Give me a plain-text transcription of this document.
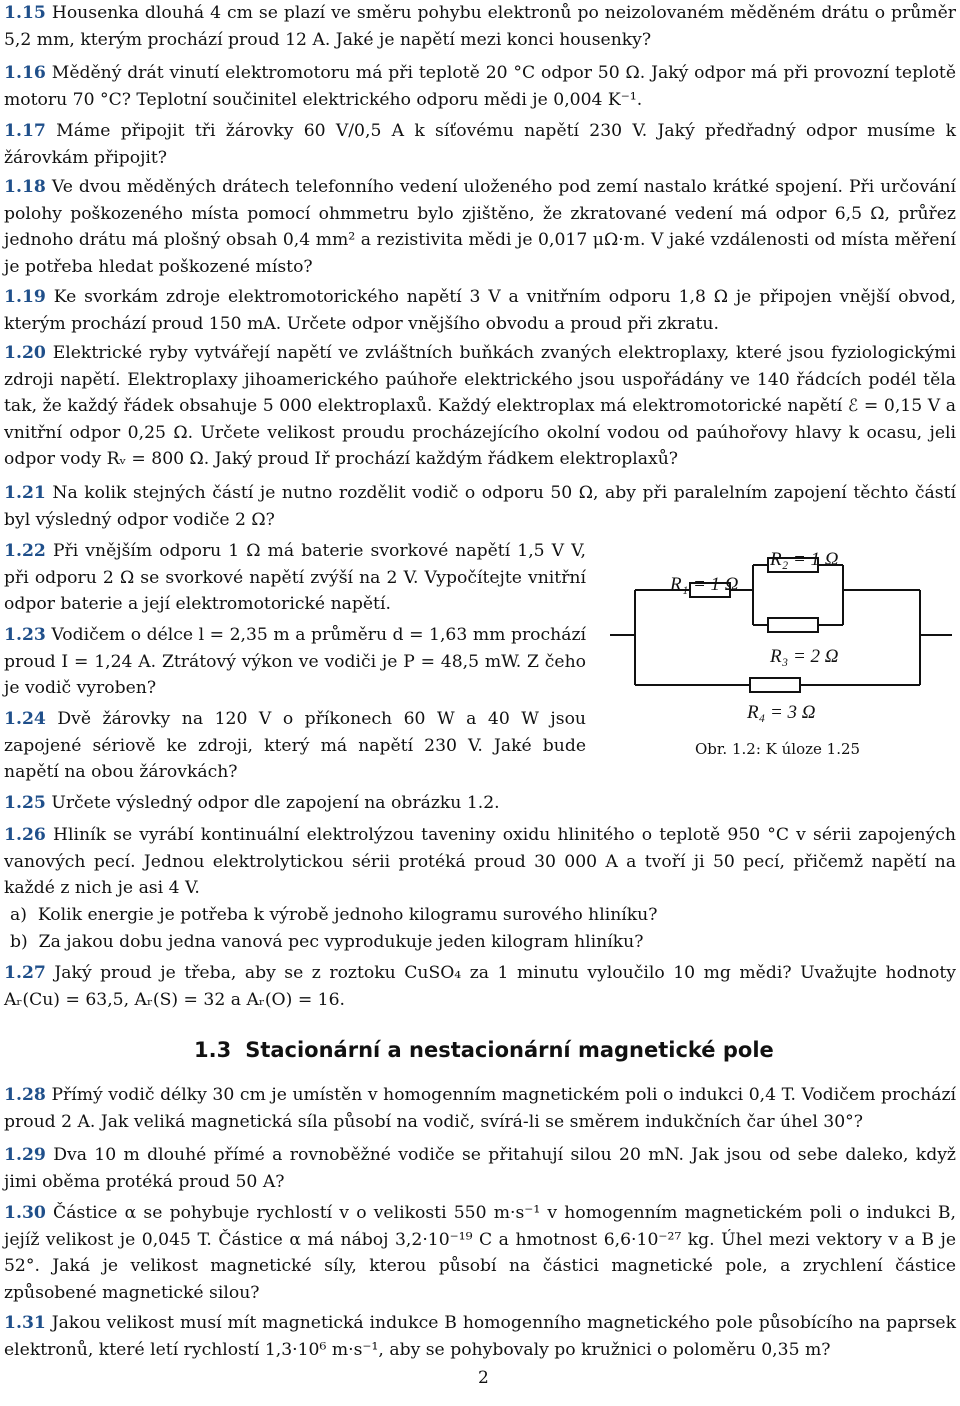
1.15 Housenka dlouhá 4 cm se plazí ve směru pohybu elektronů po neizolovaném měděném drátu o průměr 5,2 mm, kterým prochází proud 12 A. Jaké je napětí mezi konci housenky?

1.16 Měděný drát vinutí elektromotoru má při teplotě 20 °C odpor 50 Ω. Jaký odpor má při provozní teplotě motoru 70 °C? Teplotní součinitel elektrického odporu mědi je 0,004 K⁻¹.

1.17 Máme připojit tři žárovky 60 V/0,5 A k síťovému napětí 230 V. Jaký předřadný odpor musíme k žárovkám připojit?

1.18 Ve dvou měděných drátech telefonního vedení uloženého pod zemí nastalo krátké spojení. Při určování polohy poškozeného místa pomocí ohmmetru bylo zjištěno, že zkratované vedení má odpor 6,5 Ω, průřez jednoho drátu má plošný obsah 0,4 mm² a rezistivita mědi je 0,017 μΩ·m. V jaké vzdálenosti od místa měření je potřeba hledat poškozené místo?

1.19 Ke svorkám zdroje elektromotorického napětí 3 V a vnitřním odporu 1,8 Ω je připojen vnější obvod, kterým prochází proud 150 mA. Určete odpor vnějšího obvodu a proud při zkratu.

1.20 Elektrické ryby vytvářejí napětí ve zvláštních buňkách zvaných elektroplaxy, které jsou fyziologickými zdroji napětí. Elektroplaxy jihoamerického paúhoře elektrického jsou uspořádány ve 140 řádcích podél těla tak, že každý řádek obsahuje 5 000 elektroplaxů. Každý elektroplax má elektromotorické napětí ℰ = 0,15 V a vnitřní odpor 0,25 Ω. Určete velikost proudu procházejícího okolní vodou od paúhořovy hlavy k ocasu, jeli odpor vody Rᵥ = 800 Ω. Jaký proud Iř prochází každým řádkem elektroplaxů?

1.21 Na kolik stejných částí je nutno rozdělit vodič o odporu 50 Ω, aby při paralelním zapojení těchto částí byl výsledný odpor vodiče 2 Ω?

1.22 Při vnějším odporu 1 Ω má baterie svorkové napětí 1,5 V V, při odporu 2 Ω se svorkové napětí zvýší na 2 V. Vypočítejte vnitřní odpor baterie a její elektromotorické napětí.

1.23 Vodičem o délce l = 2,35 m a průměru d = 1,63 mm prochází proud I = 1,24 A. Ztrátový výkon ve vodiči je P = 48,5 mW. Z čeho je vodič vyroben?

1.24 Dvě žárovky na 120 V o příkonech 60 W a 40 W jsou zapojené sériově ke zdroji, který má napětí 230 V. Jaké bude napětí na obou žárovkách?

1.25 Určete výsledný odpor dle zapojení na obrázku 1.2.

1.26 Hliník se vyrábí kontinuální elektrolýzou taveniny oxidu hlinitého o teplotě 950 °C v sérii zapojených vanových pecí. Jednou elektrolytickou sérii protéká proud 30 000 A a tvoří ji 50 pecí, přičemž napětí na každé z nich je asi 4 V.

a) Kolik energie je potřeba k výrobě jednoho kilogramu surového hliníku?

b) Za jakou dobu jedna vanová pec vyprodukuje jeden kilogram hliníku?

1.27 Jaký proud je třeba, aby se z roztoku CuSO₄ za 1 minutu vyloučilo 10 mg mědi? Uvažujte hodnoty Aᵣ(Cu) = 63,5, Aᵣ(S) = 32 a Aᵣ(O) = 16.

1.3 Stacionární a nestacionární magnetické pole

1.28 Přímý vodič délky 30 cm je umístěn v homogenním magnetickém poli o indukci 0,4 T. Vodičem prochází proud 2 A. Jak veliká magnetická síla působí na vodič, svírá-li se směrem indukčních čar úhel 30°?

1.29 Dva 10 m dlouhé přímé a rovnoběžné vodiče se přitahují silou 20 mN. Jak jsou od sebe daleko, když jimi oběma protéká proud 50 A?

1.30 Částice α se pohybuje rychlostí v o velikosti 550 m·s⁻¹ v homogenním magnetickém poli o indukci B, jejíž velikost je 0,045 T. Částice α má náboj 3,2·10⁻¹⁹ C a hmotnost 6,6·10⁻²⁷ kg. Úhel mezi vektory v a B je 52°. Jaká je velikost magnetické síly, kterou působí na částici magnetické pole, a zrychlení částice způsobené magnetické silou?

1.31 Jakou velikost musí mít magnetická indukce B homogenního magnetického pole působícího na paprsek elektronů, které letí rychlostí 1,3·10⁶ m·s⁻¹, aby se pohybovaly po kružnici o poloměru 0,35 m?

2
R₁ = 1 Ω
R₂ = 1 Ω
R₃ = 2 Ω
R₄ = 3 Ω
Obr. 1.2: K úloze 1.25
